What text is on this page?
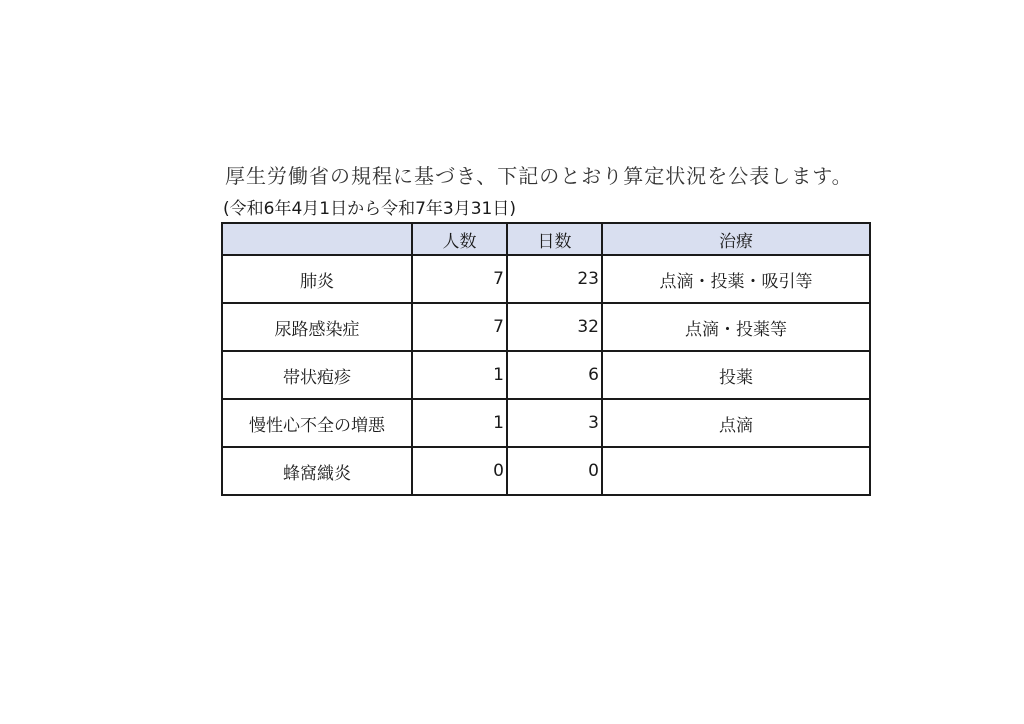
厚生労働省の規程に基づき、下記のとおり算定状況を公表します。
(令和6年4月1日から令和7年3月31日)
	人数	日数	治療
肺炎	7	23	点滴・投薬・吸引等
尿路感染症	7	32	点滴・投薬等
帯状疱疹	1	6	投薬
慢性心不全の増悪	1	3	点滴
蜂窩織炎	0	0	
